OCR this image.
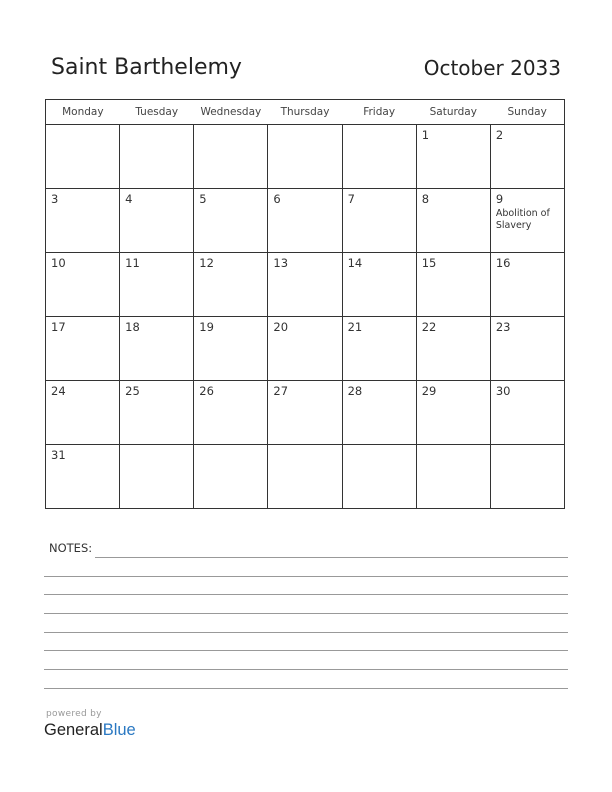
Saint Barthelemy	October 2033
Monday	Tuesday	Wednesday	Thursday	Friday	Saturday	Sunday

					1	2

3	4	5	6	7	8	9
Abolition of Slavery

10	11	12	13	14	15	16

17	18	19	20	21	22	23

24	25	26	27	28	29	30

31						

NOTES:
powered by
GeneralBlue
